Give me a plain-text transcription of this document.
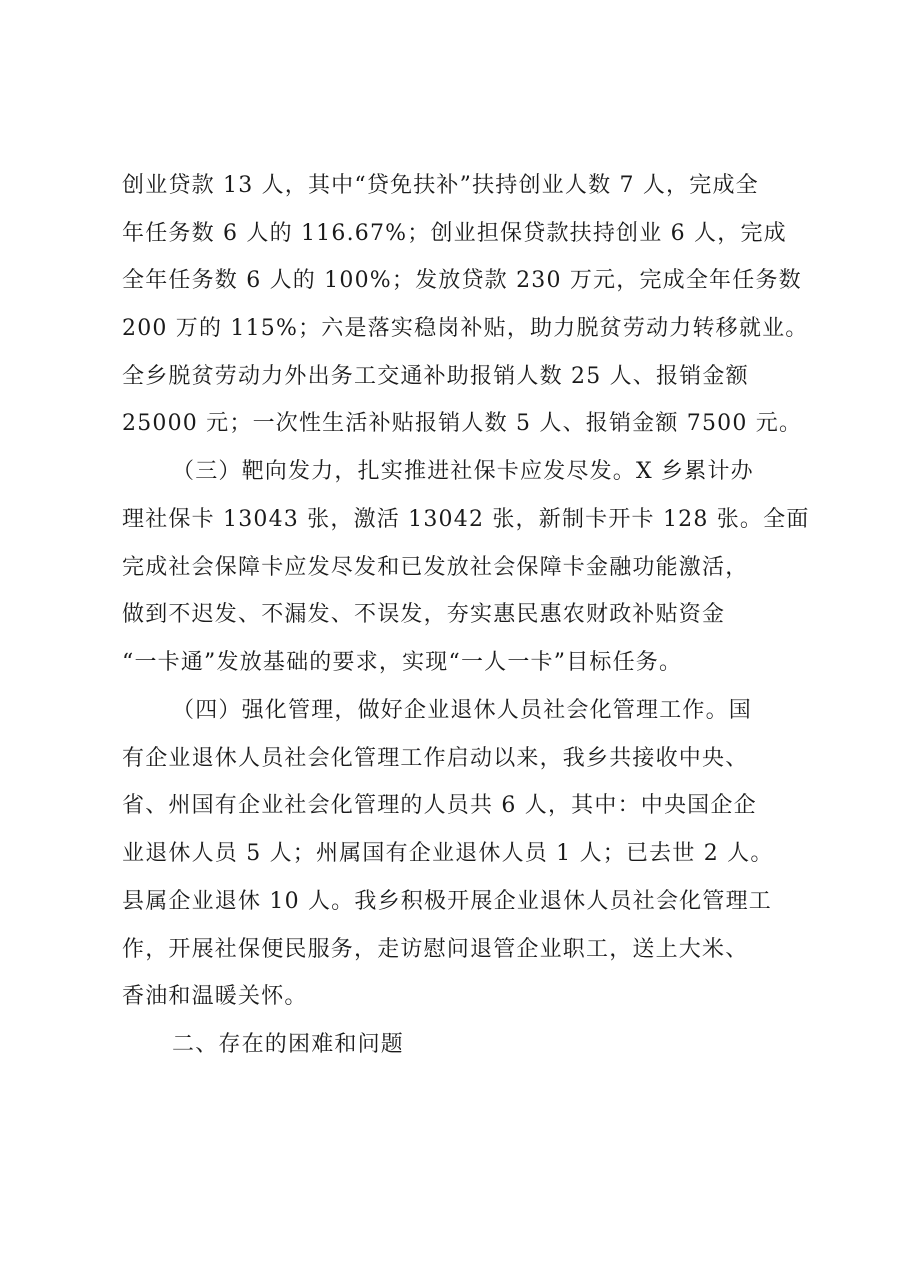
创业贷款 13 人，其中“贷免扶补”扶持创业人数 7 人，完成全
年任务数 6 人的 116.67%；创业担保贷款扶持创业 6 人，完成
全年任务数 6 人的 100%；发放贷款 230 万元，完成全年任务数
200 万的 115%；六是落实稳岗补贴，助力脱贫劳动力转移就业。
全乡脱贫劳动力外出务工交通补助报销人数 25 人、报销金额
25000 元；一次性生活补贴报销人数 5 人、报销金额 7500 元。
（三）靶向发力，扎实推进社保卡应发尽发。X 乡累计办
理社保卡 13043 张，激活 13042 张，新制卡开卡 128 张。全面
完成社会保障卡应发尽发和已发放社会保障卡金融功能激活，
做到不迟发、不漏发、不误发，夯实惠民惠农财政补贴资金
“一卡通”发放基础的要求，实现“一人一卡”目标任务。
（四）强化管理，做好企业退休人员社会化管理工作。国
有企业退休人员社会化管理工作启动以来，我乡共接收中央、
省、州国有企业社会化管理的人员共 6 人，其中：中央国企企
业退休人员 5 人；州属国有企业退休人员 1 人；已去世 2 人。
县属企业退休 10 人。我乡积极开展企业退休人员社会化管理工
作，开展社保便民服务，走访慰问退管企业职工，送上大米、
香油和温暖关怀。
二、存在的困难和问题
